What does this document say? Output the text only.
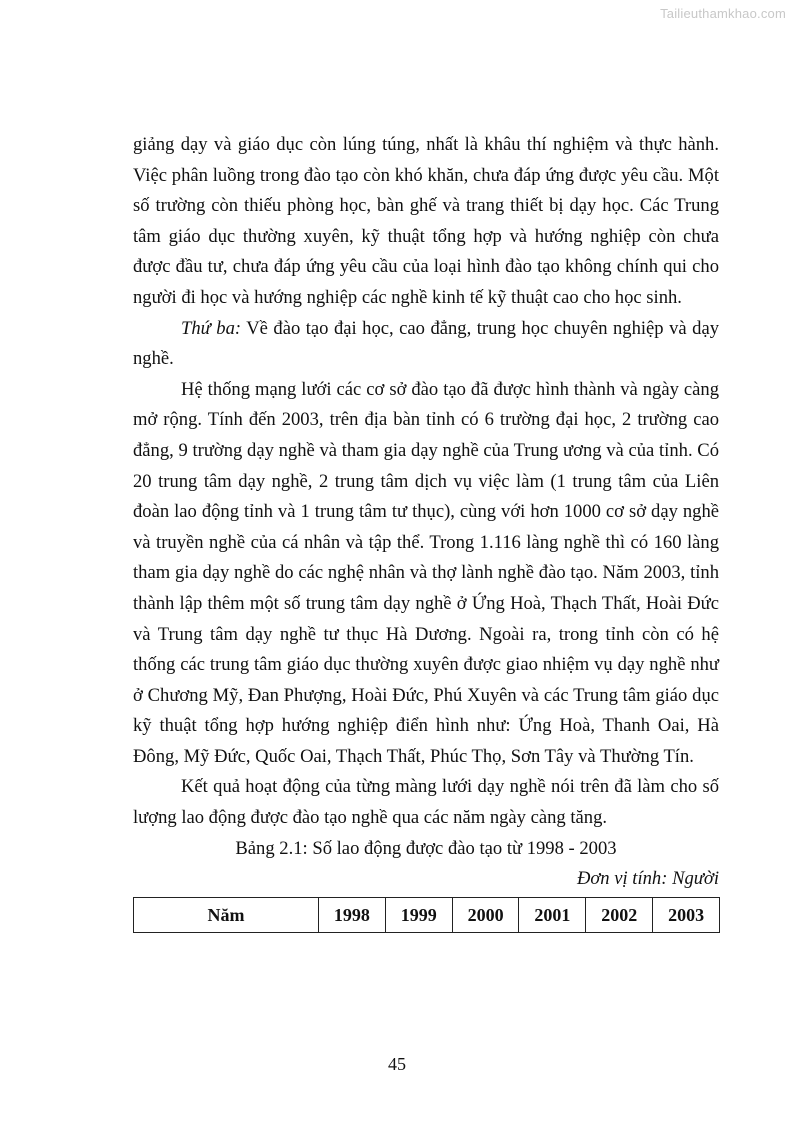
Tailieuthamkhao.com

giảng dạy và giáo dục còn lúng túng, nhất là khâu thí nghiệm và thực hành. Việc phân luồng trong đào tạo còn khó khăn, chưa đáp ứng được yêu cầu. Một số trường còn thiếu phòng học, bàn ghế và trang thiết bị dạy học. Các Trung tâm giáo dục thường xuyên, kỹ thuật tổng hợp và hướng nghiệp còn chưa được đầu tư, chưa đáp ứng yêu cầu của loại hình đào tạo không chính qui cho người đi học và hướng nghiệp các nghề kinh tế kỹ thuật cao cho học sinh.

Thứ ba: Về đào tạo đại học, cao đẳng, trung học chuyên nghiệp và dạy nghề.

Hệ thống mạng lưới các cơ sở đào tạo đã được hình thành và ngày càng mở rộng. Tính đến 2003, trên địa bàn tỉnh có 6 trường đại học, 2 trường cao đẳng, 9 trường dạy nghề và tham gia dạy nghề của Trung ương và của tỉnh. Có 20 trung tâm dạy nghề, 2 trung tâm dịch vụ việc làm (1 trung tâm của Liên đoàn lao động tỉnh và 1 trung tâm tư thục), cùng với hơn 1000 cơ sở dạy nghề và truyền nghề của cá nhân và tập thể. Trong 1.116 làng nghề thì có 160 làng tham gia dạy nghề do các nghệ nhân và thợ lành nghề đào tạo. Năm 2003, tỉnh thành lập thêm một số trung tâm dạy nghề ở Ứng Hoà, Thạch Thất, Hoài Đức và Trung tâm dạy nghề tư thục Hà Dương. Ngoài ra, trong tỉnh còn có hệ thống các trung tâm giáo dục thường xuyên được giao nhiệm vụ dạy nghề như ở Chương Mỹ, Đan Phượng, Hoài Đức, Phú Xuyên và các Trung tâm giáo dục kỹ thuật tổng hợp hướng nghiệp điển hình như: Ứng Hoà, Thanh Oai, Hà Đông, Mỹ Đức, Quốc Oai, Thạch Thất, Phúc Thọ, Sơn Tây và Thường Tín.

Kết quả hoạt động của từng màng lưới dạy nghề nói trên đã làm cho số lượng lao động được đào tạo nghề qua các năm ngày càng tăng.

Bảng 2.1: Số lao động được đào tạo từ 1998 - 2003

Đơn vị tính: Người

Năm	1998	1999	2000	2001	2002	2003
45
